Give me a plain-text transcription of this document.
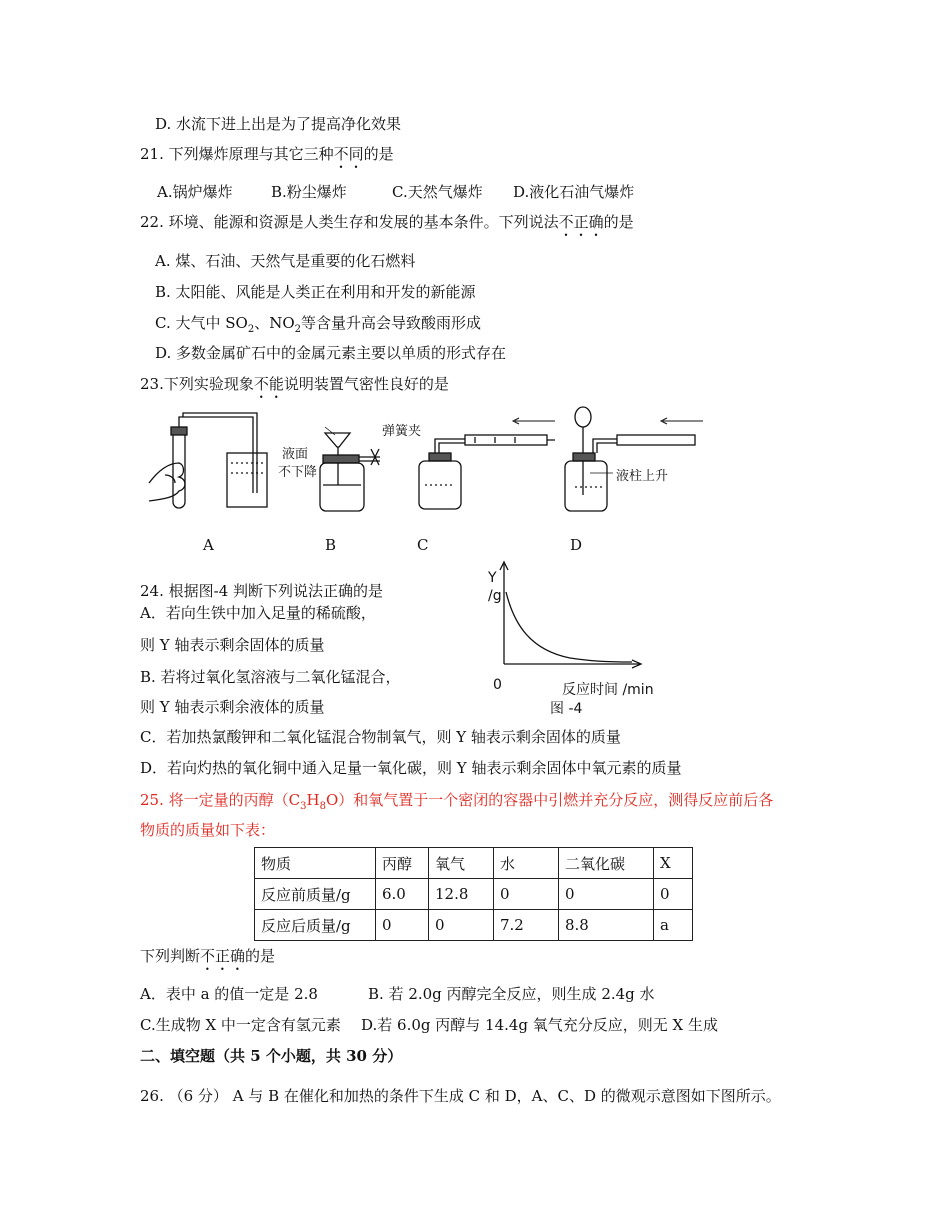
D. 水流下进上出是为了提高净化效果
21. 下列爆炸原理与其它三种不同的是
A.锅炉爆炸	B.粉尘爆炸	C.天然气爆炸 D.液化石油气爆炸
22. 环境、能源和资源是人类生存和发展的基本条件。下列说法不正确的是
A. 煤、石油、天然气是重要的化石燃料
B. 太阳能、风能是人类正在利用和开发的新能源
C. 大气中 $SO_2$、$NO_2$等含量升高会导致酸雨形成
D. 多数金属矿石中的金属元素主要以单质的形式存在
23.下列实验现象不能说明装置气密性良好的是
液面
不下降
弹簧夹
液柱上升
A	B	C	D
24. 根据图-4 判断下列说法正确的是
A．若向生铁中加入足量的稀硫酸，
则 Y 轴表示剩余固体的质量
B. 若将过氧化氢溶液与二氧化锰混合，
则 Y 轴表示剩余液体的质量
C．若加热氯酸钾和二氧化锰混合物制氧气，则 Y 轴表示剩余固体的质量
D．若向灼热的氧化铜中通入足量一氧化碳，则 Y 轴表示剩余固体中氧元素的质量
Y
/g
0	反应时间 /min
图 -4
25. 将一定量的丙醇$(C_3H_8O)$和氧气置于一个密闭的容器中引燃并充分反应，测得反应前后各
物质的质量如下表：
物质	丙醇	氧气	水	二氧化碳	X
反应前质量/g	6.0	12.8	0	0	0
反应后质量/g	0	0	7.2	8.8	a
下列判断不正确的是
A．表中 a 的值一定是 2.8	B. 若 2.0g 丙醇完全反应，则生成 2.4g 水
C.生成物 X 中一定含有氢元素 D.若 6.0g 丙醇与 14.4g 氧气充分反应，则无 X 生成
二、填空题（共 5 个小题，共 30 分）
26. （6 分） A 与 B 在催化和加热的条件下生成 C 和 D，A、C、D 的微观示意图如下图所示。
